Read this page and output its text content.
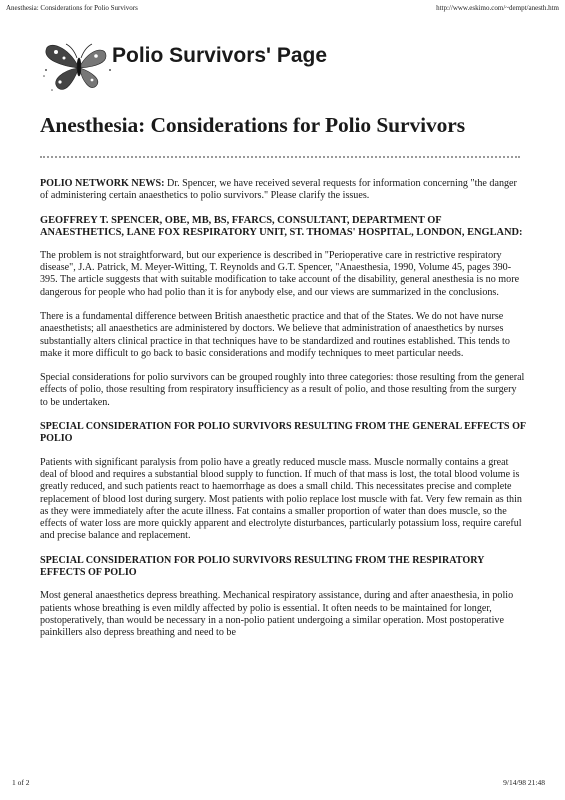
Anesthesia: Considerations for Polio Survivors	http://www.eskimo.com/~dempt/anesth.htm
Polio Survivors' Page
Anesthesia: Considerations for Polio Survivors

POLIO NETWORK NEWS: Dr. Spencer, we have received several requests for information concerning "the danger of administering certain anaesthetics to polio survivors." Please clarify the issues.

GEOFFREY T. SPENCER, OBE, MB, BS, FFARCS, CONSULTANT, DEPARTMENT OF ANAESTHETICS, LANE FOX RESPIRATORY UNIT, ST. THOMAS' HOSPITAL, LONDON, ENGLAND:

The problem is not straightforward, but our experience is described in "Perioperative care in restrictive respiratory disease", J.A. Patrick, M. Meyer-Witting, T. Reynolds and G.T. Spencer, "Anaesthesia, 1990, Volume 45, pages 390-395. The article suggests that with suitable modification to take account of the disability, general anesthesia is no more dangerous for people who had polio than it is for anybody else, and our views are summarized in the conclusions.

There is a fundamental difference between British anaesthetic practice and that of the States. We do not have nurse anaesthetists; all anaesthetics are administered by doctors. We believe that administration of anaesthetics by nurses substantially alters clinical practice in that techniques have to be standardized and routines established. This tends to make it more difficult to go back to basic considerations and modify techniques to meet particular needs.

Special considerations for polio survivors can be grouped roughly into three categories: those resulting from the general effects of polio, those resulting from respiratory insufficiency as a result of polio, and those resulting from the surgery to be undertaken.

SPECIAL CONSIDERATION FOR POLIO SURVIVORS RESULTING FROM THE GENERAL EFFECTS OF POLIO

Patients with significant paralysis from polio have a greatly reduced muscle mass. Muscle normally contains a great deal of blood and requires a substantial blood supply to function. If much of that mass is lost, the total blood volume is greatly reduced, and such patients react to haemorrhage as does a small child. This necessitates precise and complete replacement of blood lost during surgery. Most patients with polio replace lost muscle with fat. Very few remain as thin as they were immediately after the acute illness. Fat contains a smaller proportion of water than does muscle, so the effects of water loss are more quickly apparent and electrolyte disturbances, particularly potassium loss, require careful and precise balance and replacement.

SPECIAL CONSIDERATION FOR POLIO SURVIVORS RESULTING FROM THE RESPIRATORY EFFECTS OF POLIO

Most general anaesthetics depress breathing. Mechanical respiratory assistance, during and after anaesthesia, in polio patients whose breathing is even mildly affected by polio is essential. It often needs to be maintained for longer, postoperatively, than would be necessary in a non-polio patient undergoing a similar operation. Most postoperative painkillers also depress breathing and need to be

1 of 2	9/14/98 21:48
